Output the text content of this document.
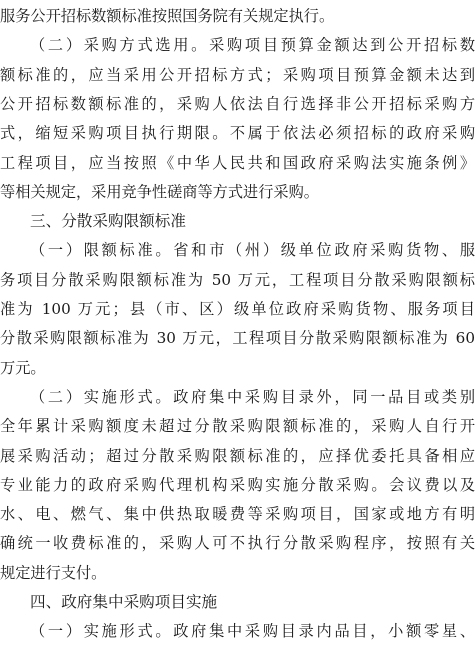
服务公开招标数额标准按照国务院有关规定执行。
（二）采购方式选用。采购项目预算金额达到公开招标数
额标准的，应当采用公开招标方式；采购项目预算金额未达到
公开招标数额标准的，采购人依法自行选择非公开招标采购方
式，缩短采购项目执行期限。不属于依法必须招标的政府采购
工程项目，应当按照《中华人民共和国政府采购法实施条例》
等相关规定，采用竞争性磋商等方式进行采购。
三、分散采购限额标准
（一）限额标准。省和市（州）级单位政府采购货物、服
务项目分散采购限额标准为 50 万元，工程项目分散采购限额标
准为 100 万元；县（市、区）级单位政府采购货物、服务项目
分散采购限额标准为 30 万元，工程项目分散采购限额标准为 60
万元。
（二）实施形式。政府集中采购目录外，同一品目或类别
全年累计采购额度未超过分散采购限额标准的，采购人自行开
展采购活动；超过分散采购限额标准的，应择优委托具备相应
专业能力的政府采购代理机构采购实施分散采购。会议费以及
水、电、燃气、集中供热取暖费等采购项目，国家或地方有明
确统一收费标准的，采购人可不执行分散采购程序，按照有关
规定进行支付。
四、政府集中采购项目实施
（一）实施形式。政府集中采购目录内品目，小额零星、
